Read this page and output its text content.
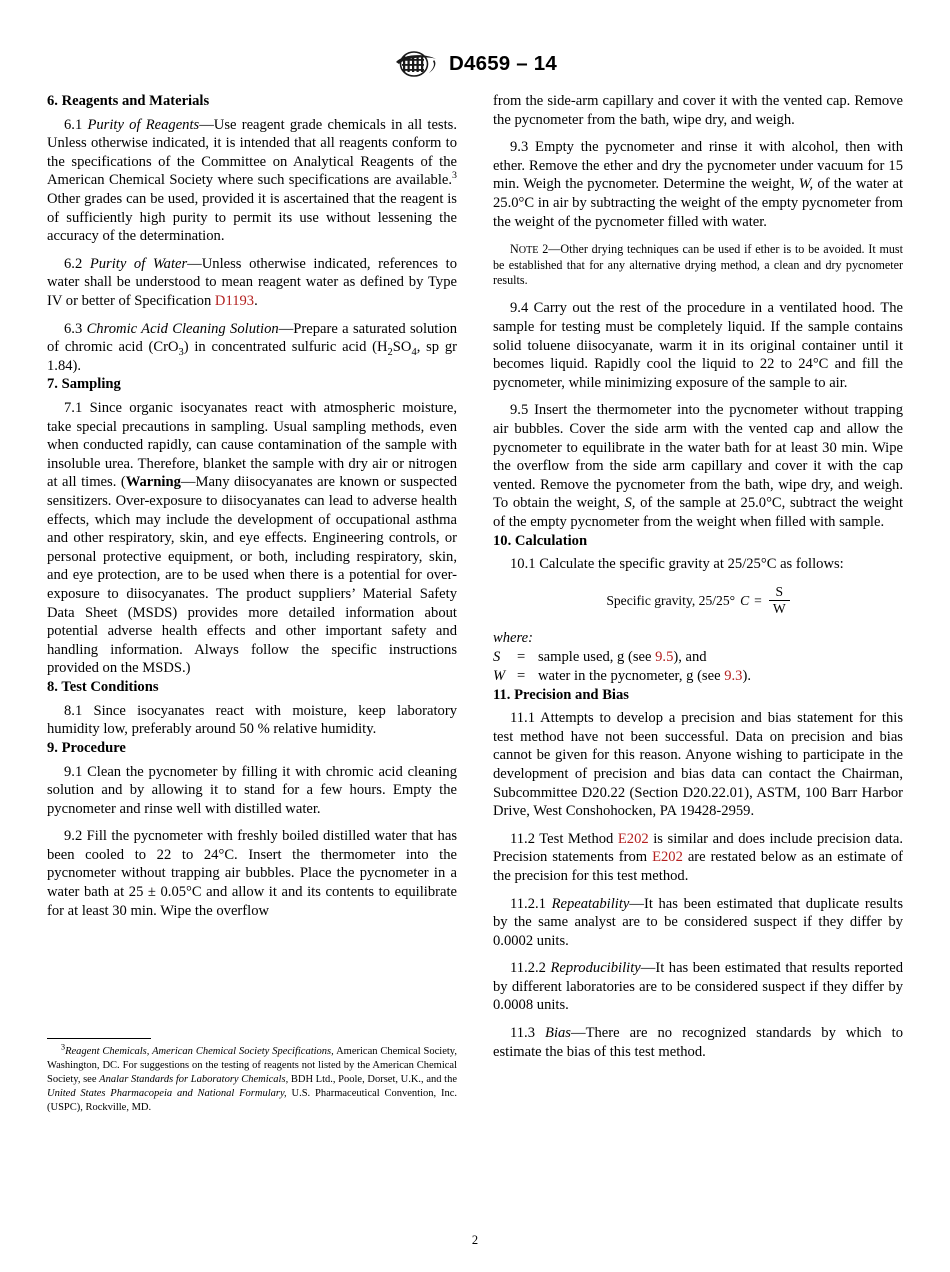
D4659 – 14
6. Reagents and Materials

6.1 Purity of Reagents—Use reagent grade chemicals in all tests. Unless otherwise indicated, it is intended that all reagents conform to the specifications of the Committee on Analytical Reagents of the American Chemical Society where such specifications are available.$^3$ Other grades can be used, provided it is ascertained that the reagent is of sufficiently high purity to permit its use without lessening the accuracy of the determination.

6.2 Purity of Water—Unless otherwise indicated, references to water shall be understood to mean reagent water as defined by Type IV or better of Specification D1193.

6.3 Chromic Acid Cleaning Solution—Prepare a saturated solution of chromic acid (CrO$_3$) in concentrated sulfuric acid ($H_2SO_4$, sp gr 1.84).

7. Sampling

7.1 Since organic isocyanates react with atmospheric moisture, take special precautions in sampling. Usual sampling methods, even when conducted rapidly, can cause contamination of the sample with insoluble urea. Therefore, blanket the sample with dry air or nitrogen at all times. (Warning—Many diisocyanates are known or suspected sensitizers. Over-exposure to diisocyanates can lead to adverse health effects, which may include the development of occupational asthma and other respiratory, skin, and eye effects. Engineering controls, or personal protective equipment, or both, including respiratory, skin, and eye protection, are to be used when there is a potential for over-exposure to diisocyanates. The product suppliers’ Material Safety Data Sheet (MSDS) provides more detailed information about potential adverse health effects and other important safety and handling information. Always follow the specific instructions provided on the MSDS.)

8. Test Conditions

8.1 Since isocyanates react with moisture, keep laboratory humidity low, preferably around 50 % relative humidity.

9. Procedure

9.1 Clean the pycnometer by filling it with chromic acid cleaning solution and by allowing it to stand for a few hours. Empty the pycnometer and rinse well with distilled water.

9.2 Fill the pycnometer with freshly boiled distilled water that has been cooled to 22 to 24°C. Insert the thermometer into the pycnometer without trapping air bubbles. Place the pycnometer in a water bath at 25 ± 0.05°C and allow it and its contents to equilibrate for at least 30 min. Wipe the overflow

from the side-arm capillary and cover it with the vented cap. Remove the pycnometer from the bath, wipe dry, and weigh.

9.3 Empty the pycnometer and rinse it with alcohol, then with ether. Remove the ether and dry the pycnometer under vacuum for 15 min. Weigh the pycnometer. Determine the weight, W, of the water at 25.0°C in air by subtracting the weight of the empty pycnometer from the weight of the pycnometer filled with water.

NOTE 2—Other drying techniques can be used if ether is to be avoided. It must be established that for any alternative drying method, a clean and dry pycnometer results.

9.4 Carry out the rest of the procedure in a ventilated hood. The sample for testing must be completely liquid. If the sample contains solid toluene diisocyanate, warm it in its original container until it becomes liquid. Rapidly cool the liquid to 22 to 24°C and fill the pycnometer, while minimizing exposure of the sample to air.

9.5 Insert the thermometer into the pycnometer without trapping air bubbles. Cover the side arm with the vented cap and allow the pycnometer to equilibrate in the water bath for at least 30 min. Wipe the overflow from the side arm capillary and cover it with the cap vented. Remove the pycnometer from the bath, wipe dry, and weigh. To obtain the weight, S, of the sample at 25.0°C, subtract the weight of the empty pycnometer from the weight when filled with sample.

10. Calculation

10.1 Calculate the specific gravity at 25/25°C as follows:

Specific gravity, 25/25° $C = \frac{S}{W}$

where:

S	=	sample used, g (see 9.5), and
W	=	water in the pycnometer, g (see 9.3).
11. Precision and Bias

11.1 Attempts to develop a precision and bias statement for this test method have not been successful. Data on precision and bias cannot be given for this reason. Anyone wishing to participate in the development of precision and bias data can contact the Chairman, Subcommittee D20.22 (Section D20.22.01), ASTM, 100 Barr Harbor Drive, West Conshohocken, PA 19428-2959.

11.2 Test Method E202 is similar and does include precision data. Precision statements from E202 are restated below as an estimate of the precision for this test method.

11.2.1 Repeatability—It has been estimated that duplicate results by the same analyst are to be considered suspect if they differ by 0.0002 units.

11.2.2 Reproducibility—It has been estimated that results reported by different laboratories are to be considered suspect if they differ by 0.0008 units.

11.3 Bias—There are no recognized standards by which to estimate the bias of this test method.

$^3$Reagent Chemicals, American Chemical Society Specifications, American Chemical Society, Washington, DC. For suggestions on the testing of reagents not listed by the American Chemical Society, see Analar Standards for Laboratory Chemicals, BDH Ltd., Poole, Dorset, U.K., and the United States Pharmacopeia and National Formulary, U.S. Pharmaceutical Convention, Inc. (USPC), Rockville, MD.

2
